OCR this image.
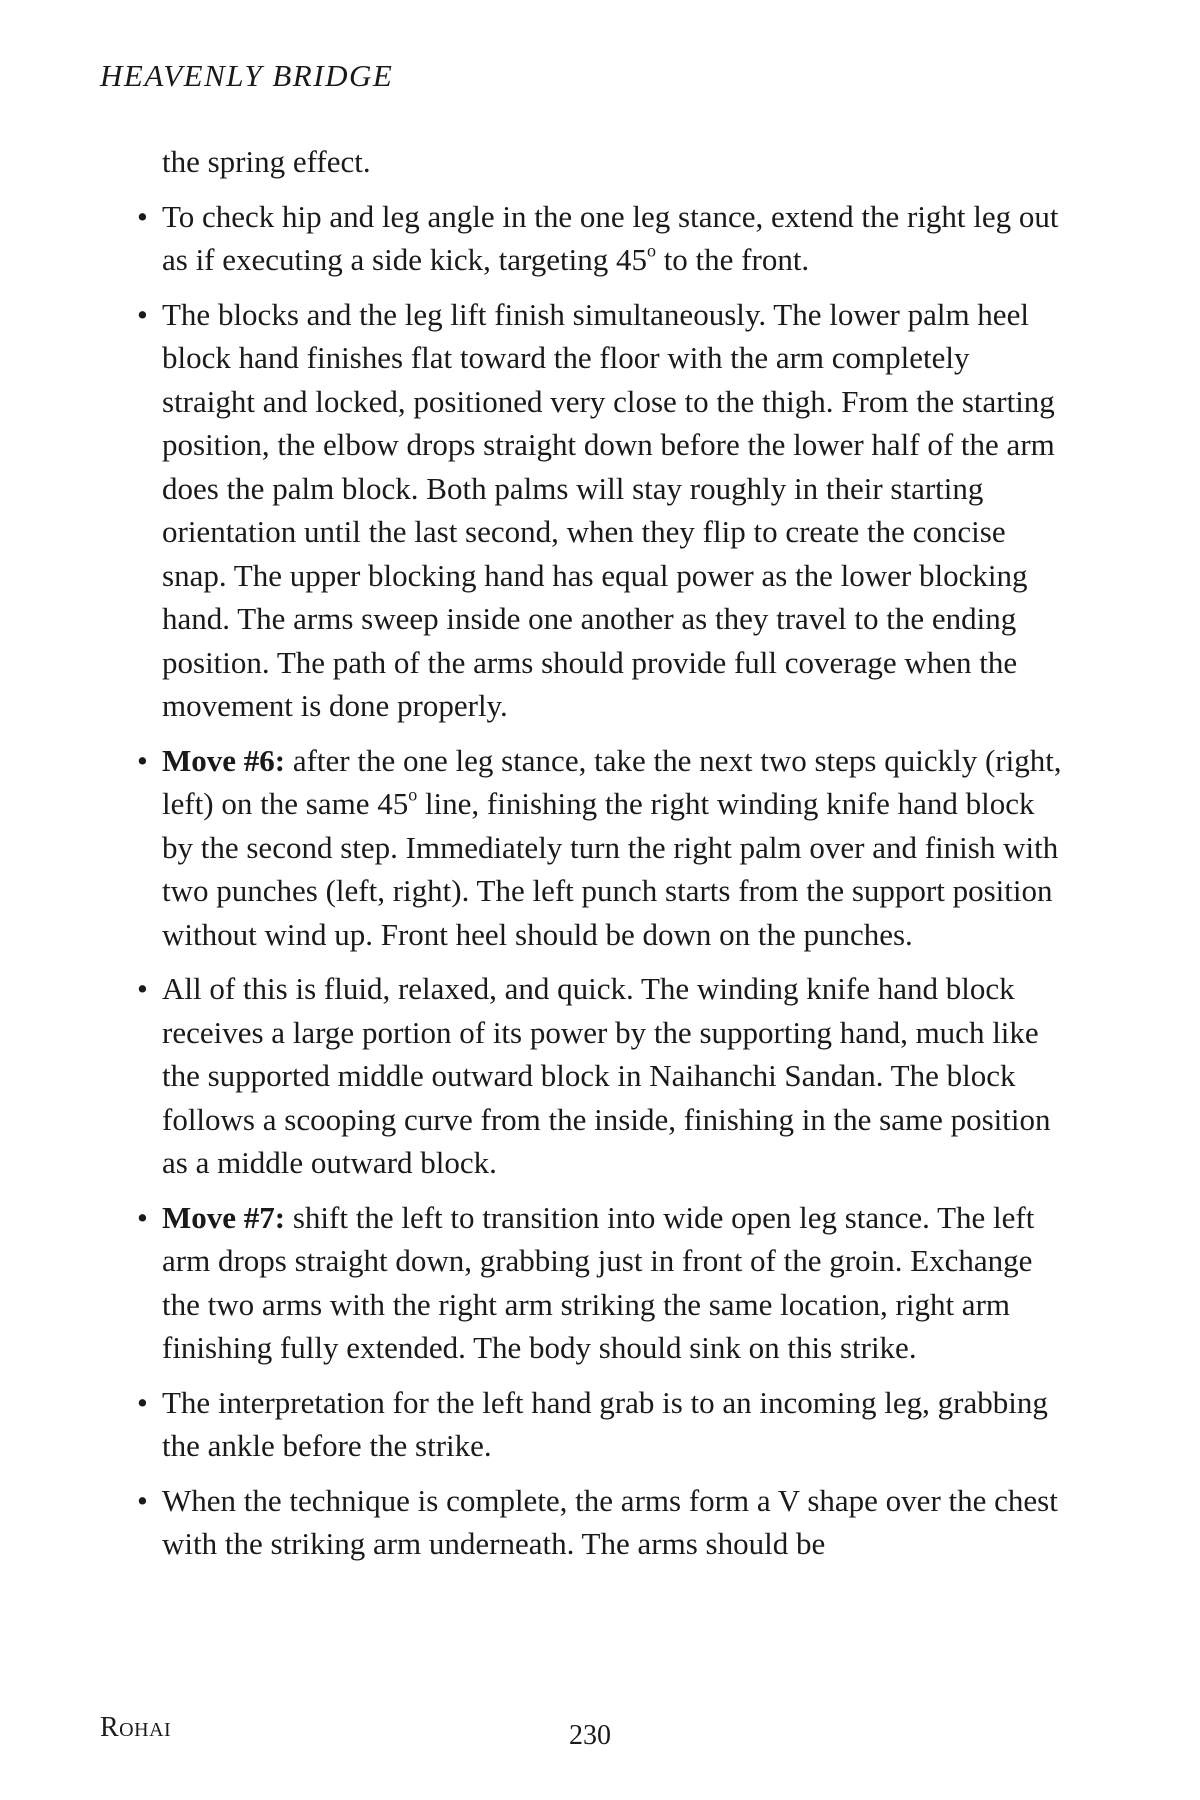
HEAVENLY BRIDGE

the spring effect.

• To check hip and leg angle in the one leg stance, extend the right leg out as if executing a side kick, targeting 45$^o$ to the front.
• The blocks and the leg lift finish simultaneously. The lower palm heel block hand finishes flat toward the floor with the arm completely straight and locked, positioned very close to the thigh. From the starting position, the elbow drops straight down before the lower half of the arm does the palm block. Both palms will stay roughly in their starting orientation until the last second, when they flip to create the concise snap. The upper blocking hand has equal power as the lower blocking hand. The arms sweep inside one another as they travel to the ending position. The path of the arms should provide full coverage when the movement is done properly.
• Move #6: after the one leg stance, take the next two steps quickly (right, left) on the same 45$^o$ line, finishing the right winding knife hand block by the second step. Immediately turn the right palm over and finish with two punches (left, right). The left punch starts from the support position without wind up. Front heel should be down on the punches.
• All of this is fluid, relaxed, and quick. The winding knife hand block receives a large portion of its power by the supporting hand, much like the supported middle outward block in Naihanchi Sandan. The block follows a scooping curve from the inside, finishing in the same position as a middle outward block.
• Move #7: shift the left to transition into wide open leg stance. The left arm drops straight down, grabbing just in front of the groin. Exchange the two arms with the right arm striking the same location, right arm finishing fully extended. The body should sink on this strike.
• The interpretation for the left hand grab is to an incoming leg, grabbing the ankle before the strike.
• When the technique is complete, the arms form a V shape over the chest with the striking arm underneath. The arms should be
Rohai	230
